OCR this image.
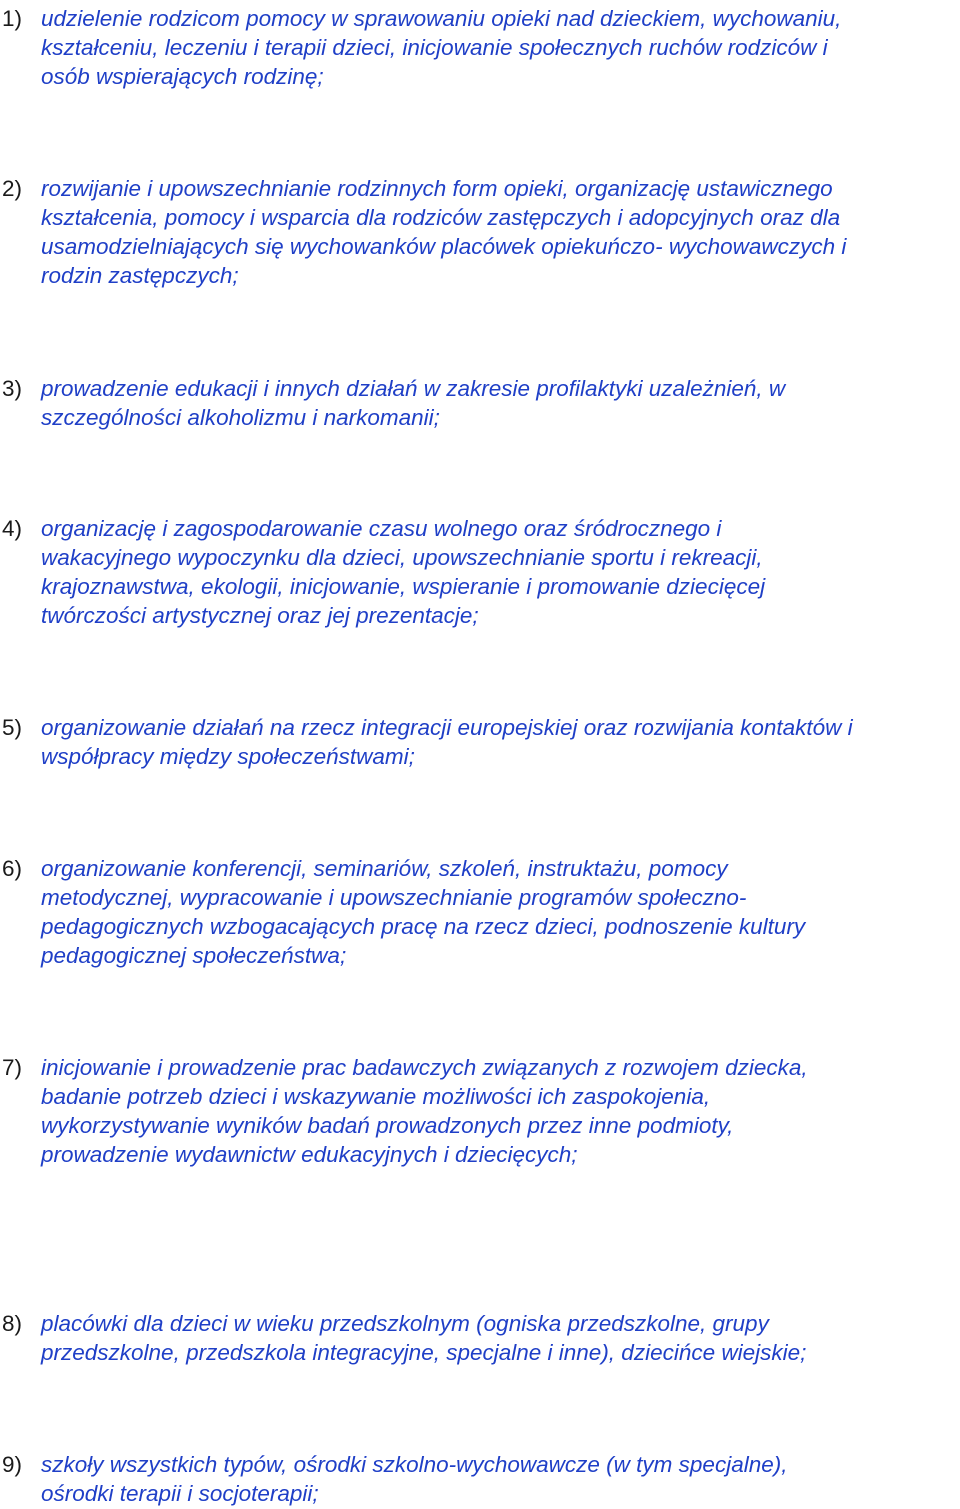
1) udzielenie rodzicom pomocy w sprawowaniu opieki nad dzieckiem, wychowaniu,
kształceniu, leczeniu i terapii dzieci, inicjowanie społecznych ruchów rodziców i
osób wspierających rodzinę;
2) rozwijanie i upowszechnianie rodzinnych form opieki, organizację ustawicznego
kształcenia, pomocy i wsparcia dla rodziców zastępczych i adopcyjnych oraz dla
usamodzielniających się wychowanków placówek opiekuńczo- wychowawczych i
rodzin zastępczych;
3) prowadzenie edukacji i innych działań w zakresie profilaktyki uzależnień, w
szczególności alkoholizmu i narkomanii;
4) organizację i zagospodarowanie czasu wolnego oraz śródrocznego i
wakacyjnego wypoczynku dla dzieci, upowszechnianie sportu i rekreacji,
krajoznawstwa, ekologii, inicjowanie, wspieranie i promowanie dziecięcej
twórczości artystycznej oraz jej prezentacje;
5) organizowanie działań na rzecz integracji europejskiej oraz rozwijania kontaktów i
współpracy między społeczeństwami;
6) organizowanie konferencji, seminariów, szkoleń, instruktażu, pomocy
metodycznej, wypracowanie i upowszechnianie programów społeczno-
pedagogicznych wzbogacających pracę na rzecz dzieci, podnoszenie kultury
pedagogicznej społeczeństwa;
7) inicjowanie i prowadzenie prac badawczych związanych z rozwojem dziecka,
badanie potrzeb dzieci i wskazywanie możliwości ich zaspokojenia,
wykorzystywanie wyników badań prowadzonych przez inne podmioty,
prowadzenie wydawnictw edukacyjnych i dziecięcych;
8) placówki dla dzieci w wieku przedszkolnym (ogniska przedszkolne, grupy
przedszkolne, przedszkola integracyjne, specjalne i inne), dziecińce wiejskie;
9) szkoły wszystkich typów, ośrodki szkolno-wychowawcze (w tym specjalne),
ośrodki terapii i socjoterapii;
